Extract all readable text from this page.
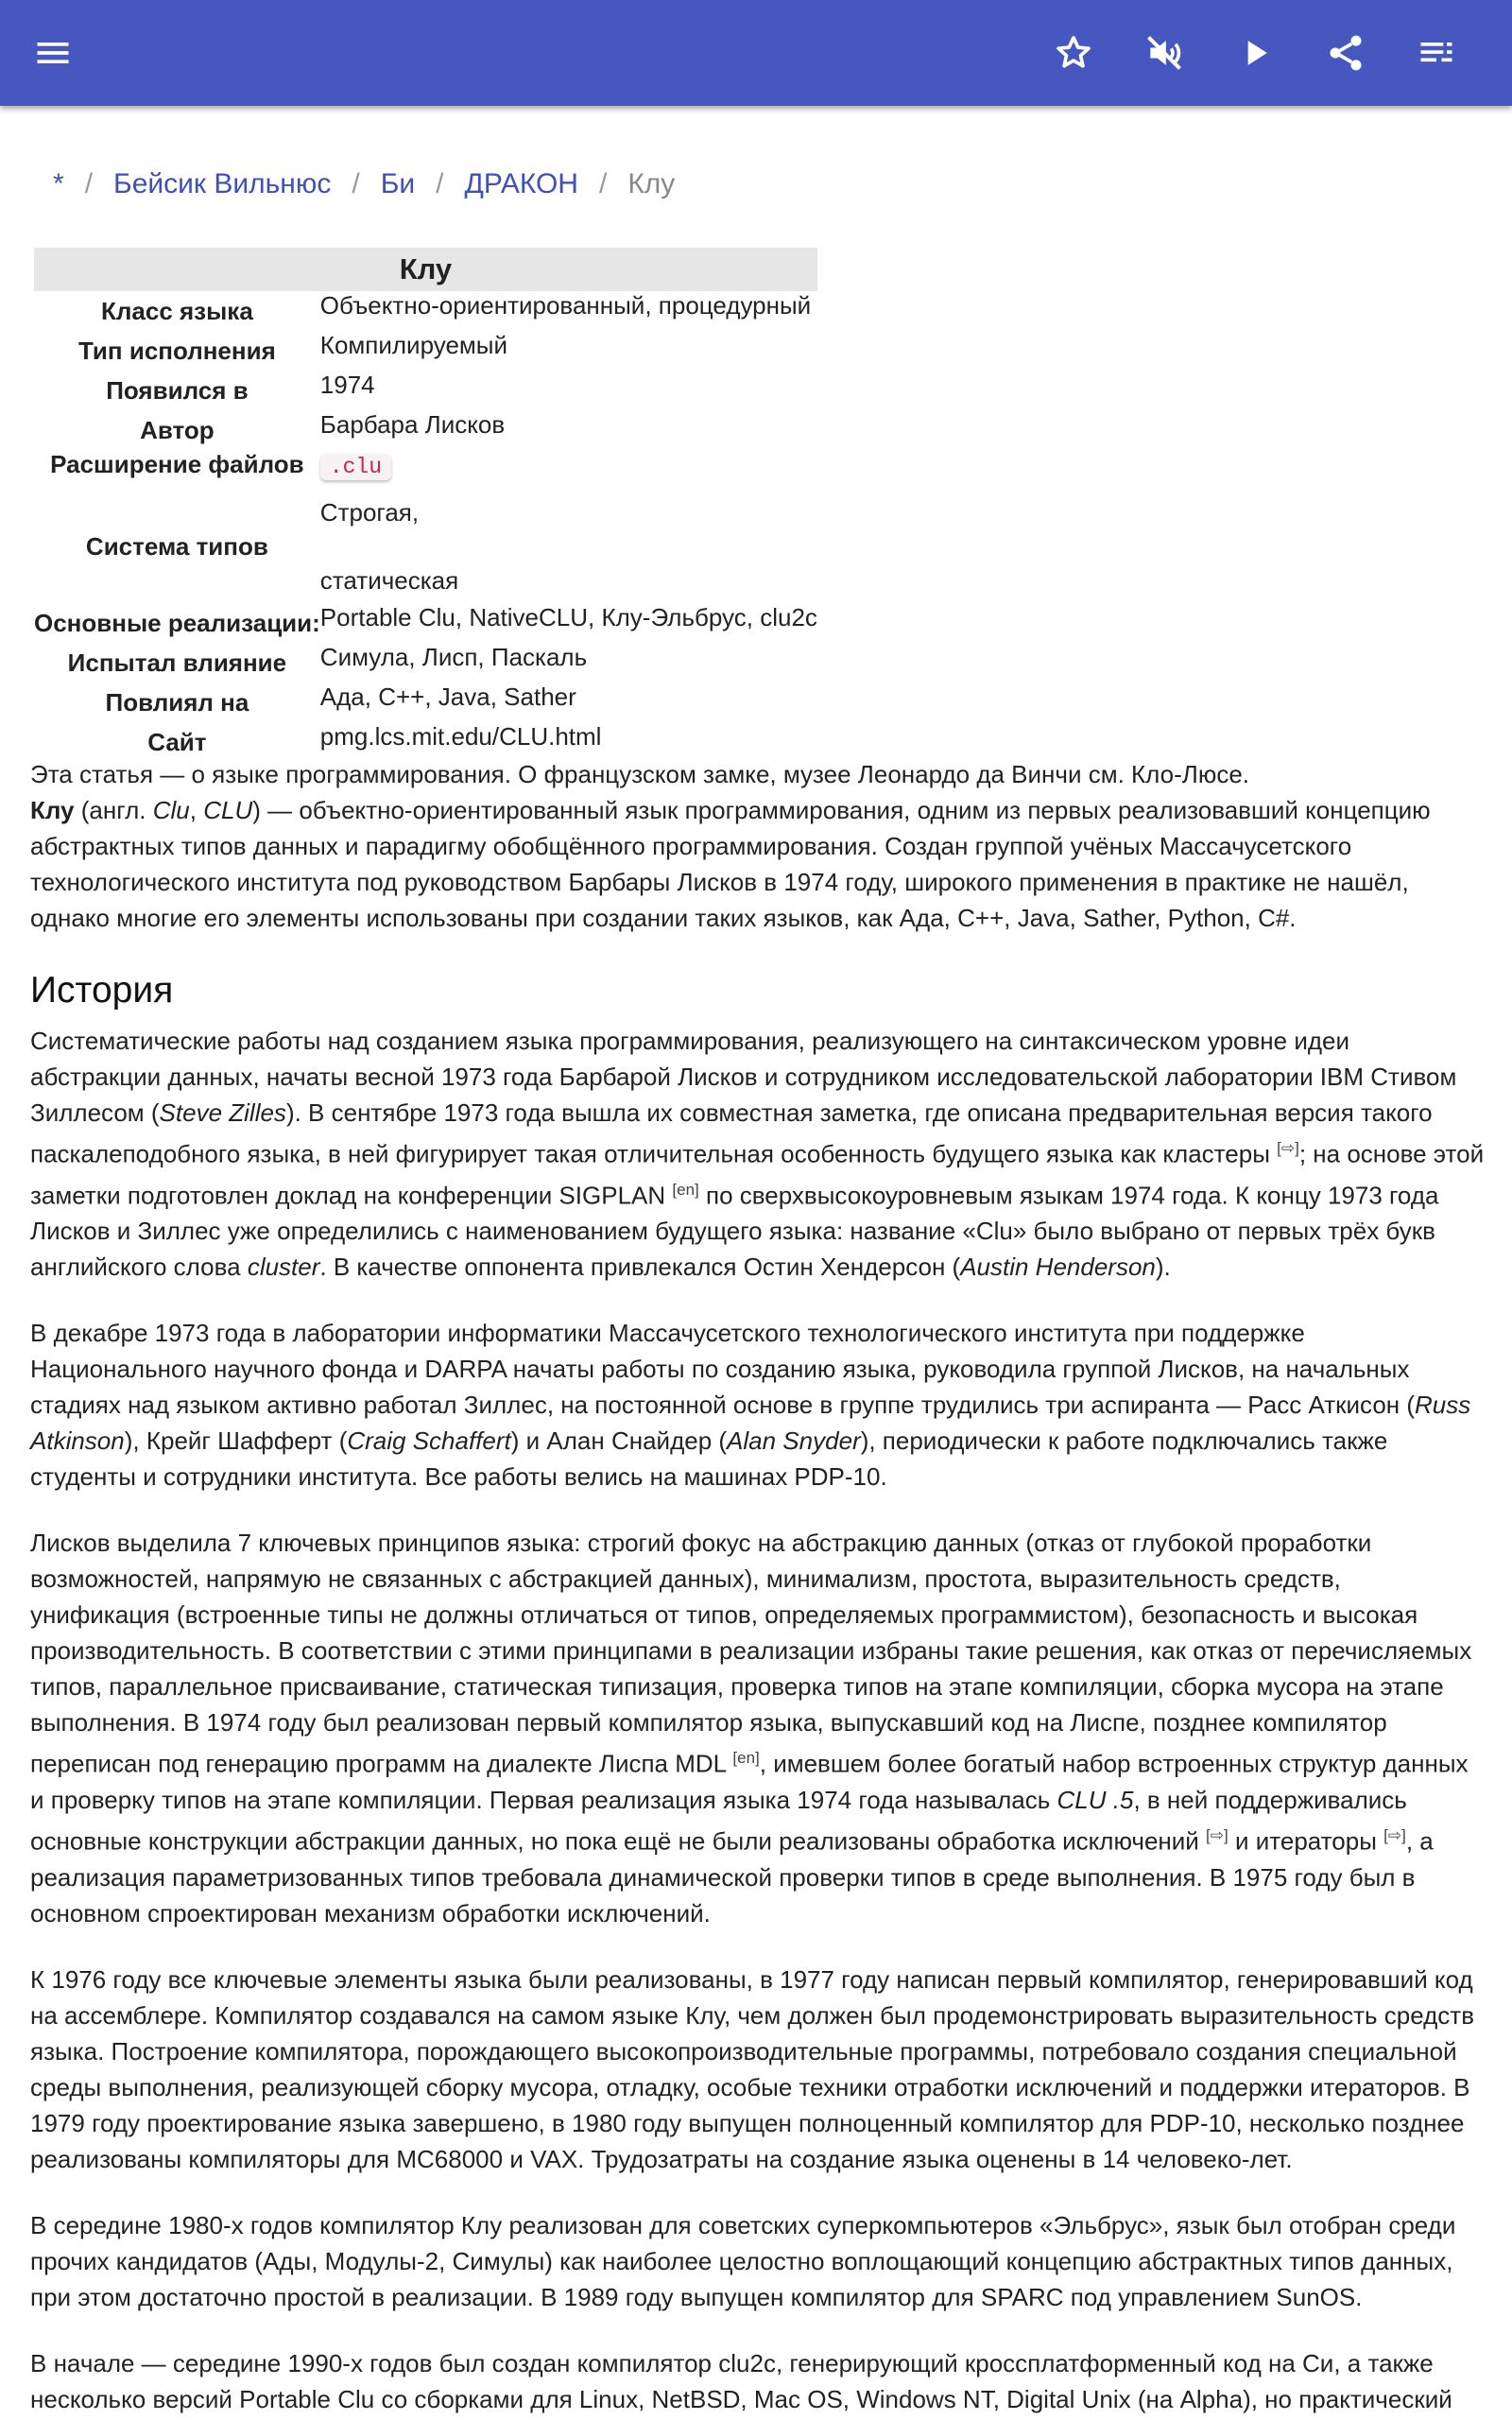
* / Бейсик Вильнюс / Би / ДРАКОН / Клу
Клу
Класс языка	Объектно-ориентированный, процедурный
Тип исполнения	Компилируемый
Появился в	1974
Автор	Барбара Лисков
Расширение файлов	.clu
Система типов	Строгая,
статическая

Основные реализации:	Portable Clu, NativeCLU, Клу-Эльбрус, clu2c
Испытал влияние	Симула, Лисп, Паскаль
Повлиял на	Ада, C++, Java, Sather
Сайт	pmg.lcs.mit.edu/CLU.html

Эта статья — о языке программирования. О французском замке, музее Леонардо да Винчи см. Кло-Люсе.

Клу (англ. Clu, CLU) — объектно-ориентированный язык программирования, одним из первых реализовавший концепцию абстрактных типов данных и парадигму обобщённого программирования. Создан группой учёных Массачусетского технологического института под руководством Барбары Лисков в 1974 году, широкого применения в практике не нашёл, однако многие его элементы использованы при создании таких языков, как Ада, C++, Java, Sather, Python, C#.

История

Систематические работы над созданием языка программирования, реализующего на синтаксическом уровне идеи абстракции данных, начаты весной 1973 года Барбарой Лисков и сотрудником исследовательской лаборатории IBM Стивом Зиллесом (Steve Zilles). В сентябре 1973 года вышла их совместная заметка, где описана предварительная версия такого паскалеподобного языка, в ней фигурирует такая отличительная особенность будущего языка как кластеры [⇨]; на основе этой заметки подготовлен доклад на конференции SIGPLAN [en] по сверхвысокоуровневым языкам 1974 года. К концу 1973 года Лисков и Зиллес уже определились с наименованием будущего языка: название «Clu» было выбрано от первых трёх букв английского слова cluster. В качестве оппонента привлекался Остин Хендерсон (Austin Henderson).

В декабре 1973 года в лаборатории информатики Массачусетского технологического института при поддержке Национального научного фонда и DARPA начаты работы по созданию языка, руководила группой Лисков, на начальных стадиях над языком активно работал Зиллес, на постоянной основе в группе трудились три аспиранта — Расс Аткисон (Russ Atkinson), Крейг Шафферт (Craig Schaffert) и Алан Снайдер (Alan Snyder), периодически к работе подключались также студенты и сотрудники института. Все работы велись на машинах PDP-10.

Лисков выделила 7 ключевых принципов языка: строгий фокус на абстракцию данных (отказ от глубокой проработки возможностей, напрямую не связанных с абстракцией данных), минимализм, простота, выразительность средств, унификация (встроенные типы не должны отличаться от типов, определяемых программистом), безопасность и высокая производительность. В соответствии с этими принципами в реализации избраны такие решения, как отказ от перечисляемых типов, параллельное присваивание, статическая типизация, проверка типов на этапе компиляции, сборка мусора на этапе выполнения. В 1974 году был реализован первый компилятор языка, выпускавший код на Лиспе, позднее компилятор переписан под генерацию программ на диалекте Лиспа MDL [en], имевшем более богатый набор встроенных структур данных и проверку типов на этапе компиляции. Первая реализация языка 1974 года называлась CLU .5, в ней поддерживались основные конструкции абстракции данных, но пока ещё не были реализованы обработка исключений [⇨] и итераторы [⇨], а реализация параметризованных типов требовала динамической проверки типов в среде выполнения. В 1975 году был в основном спроектирован механизм обработки исключений.

К 1976 году все ключевые элементы языка были реализованы, в 1977 году написан первый компилятор, генерировавший код на ассемблере. Компилятор создавался на самом языке Клу, чем должен был продемонстрировать выразительность средств языка. Построение компилятора, порождающего высокопроизводительные программы, потребовало создания специальной среды выполнения, реализующей сборку мусора, отладку, особые техники отработки исключений и поддержки итераторов. В 1979 году проектирование языка завершено, в 1980 году выпущен полноценный компилятор для PDP-10, несколько позднее реализованы компиляторы для MC68000 и VAX. Трудозатраты на создание языка оценены в 14 человеко-лет.

В середине 1980-х годов компилятор Клу реализован для советских суперкомпьютеров «Эльбрус», язык был отобран среди прочих кандидатов (Ады, Модулы-2, Симулы) как наиболее целостно воплощающий концепцию абстрактных типов данных, при этом достаточно простой в реализации. В 1989 году выпущен компилятор для SPARC под управлением SunOS.

В начале — середине 1990-х годов был создан компилятор clu2c, генерирующий кроссплатформенный код на Си, а также несколько версий Portable Clu со сборками для Linux, NetBSD, Mac OS, Windows NT, Digital Unix (на Alpha), но практический
